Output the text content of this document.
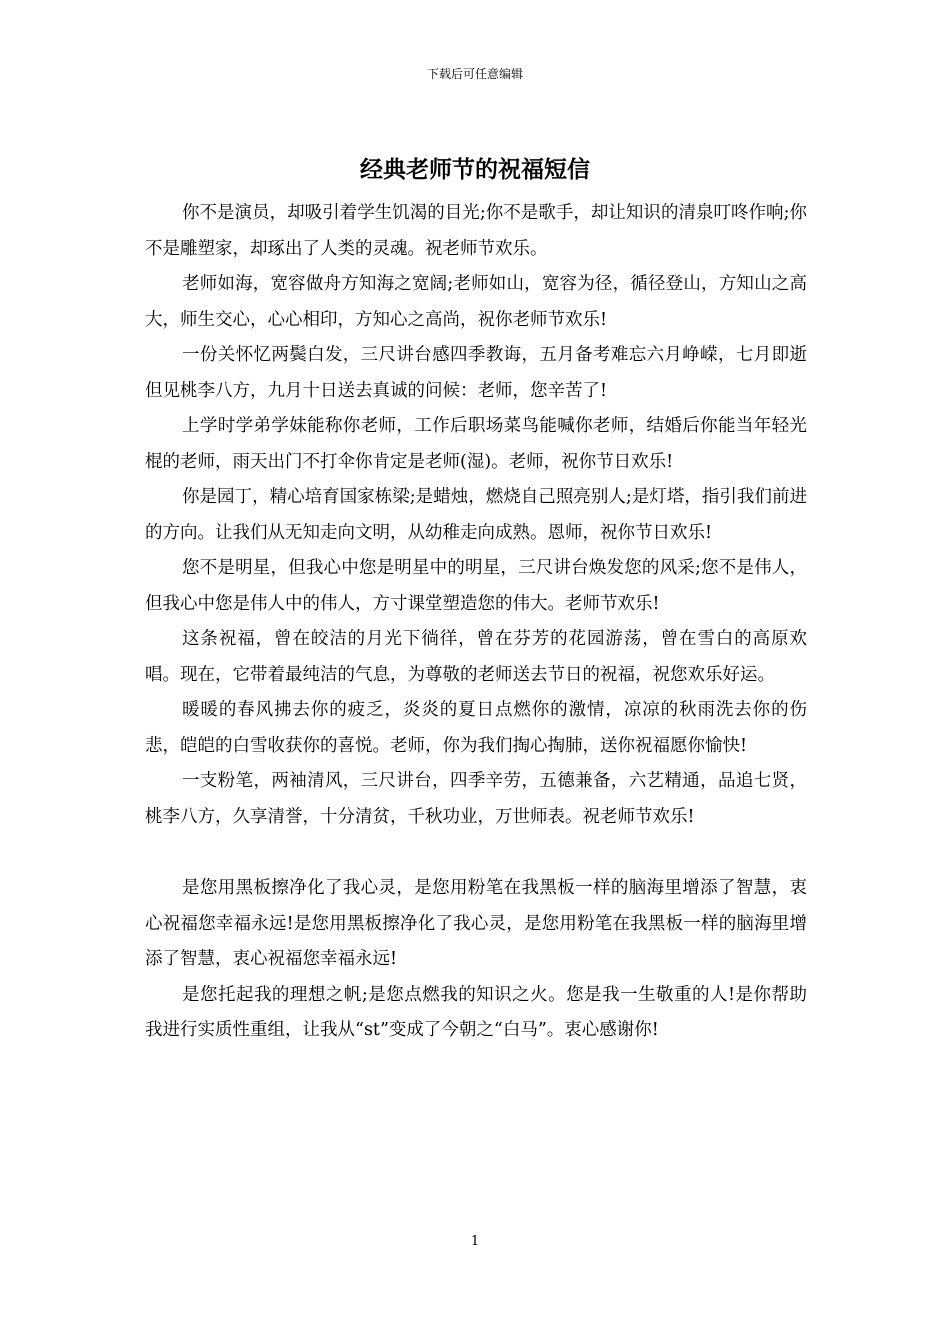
下载后可任意编辑
经典老师节的祝福短信

你不是演员，却吸引着学生饥渴的目光;你不是歌手，却让知识的清泉叮咚作响;你不是雕塑家，却琢出了人类的灵魂。祝老师节欢乐。

老师如海，宽容做舟方知海之宽阔;老师如山，宽容为径，循径登山，方知山之高大，师生交心，心心相印，方知心之高尚，祝你老师节欢乐!

一份关怀忆两鬓白发，三尺讲台感四季教诲，五月备考难忘六月峥嵘，七月即逝但见桃李八方，九月十日送去真诚的问候：老师，您辛苦了!

上学时学弟学妹能称你老师，工作后职场菜鸟能喊你老师，结婚后你能当年轻光棍的老师，雨天出门不打伞你肯定是老师(湿)。老师，祝你节日欢乐!

你是园丁，精心培育国家栋梁;是蜡烛，燃烧自己照亮别人;是灯塔，指引我们前进的方向。让我们从无知走向文明，从幼稚走向成熟。恩师，祝你节日欢乐!

您不是明星，但我心中您是明星中的明星，三尺讲台焕发您的风采;您不是伟人，但我心中您是伟人中的伟人，方寸课堂塑造您的伟大。老师节欢乐!

这条祝福，曾在皎洁的月光下徜徉，曾在芬芳的花园游荡，曾在雪白的高原欢唱。现在，它带着最纯洁的气息，为尊敬的老师送去节日的祝福，祝您欢乐好运。

暖暖的春风拂去你的疲乏，炎炎的夏日点燃你的激情，凉凉的秋雨洗去你的伤悲，皑皑的白雪收获你的喜悦。老师，你为我们掏心掏肺，送你祝福愿你愉快!

一支粉笔，两袖清风，三尺讲台，四季辛劳，五德兼备，六艺精通，品追七贤，桃李八方，久享清誉，十分清贫，千秋功业，万世师表。祝老师节欢乐!

是您用黑板擦净化了我心灵，是您用粉笔在我黑板一样的脑海里增添了智慧，衷心祝福您幸福永远!是您用黑板擦净化了我心灵，是您用粉笔在我黑板一样的脑海里增添了智慧，衷心祝福您幸福永远!

是您托起我的理想之帆;是您点燃我的知识之火。您是我一生敬重的人!是你帮助我进行实质性重组，让我从“st”变成了今朝之“白马”。衷心感谢你!

1
